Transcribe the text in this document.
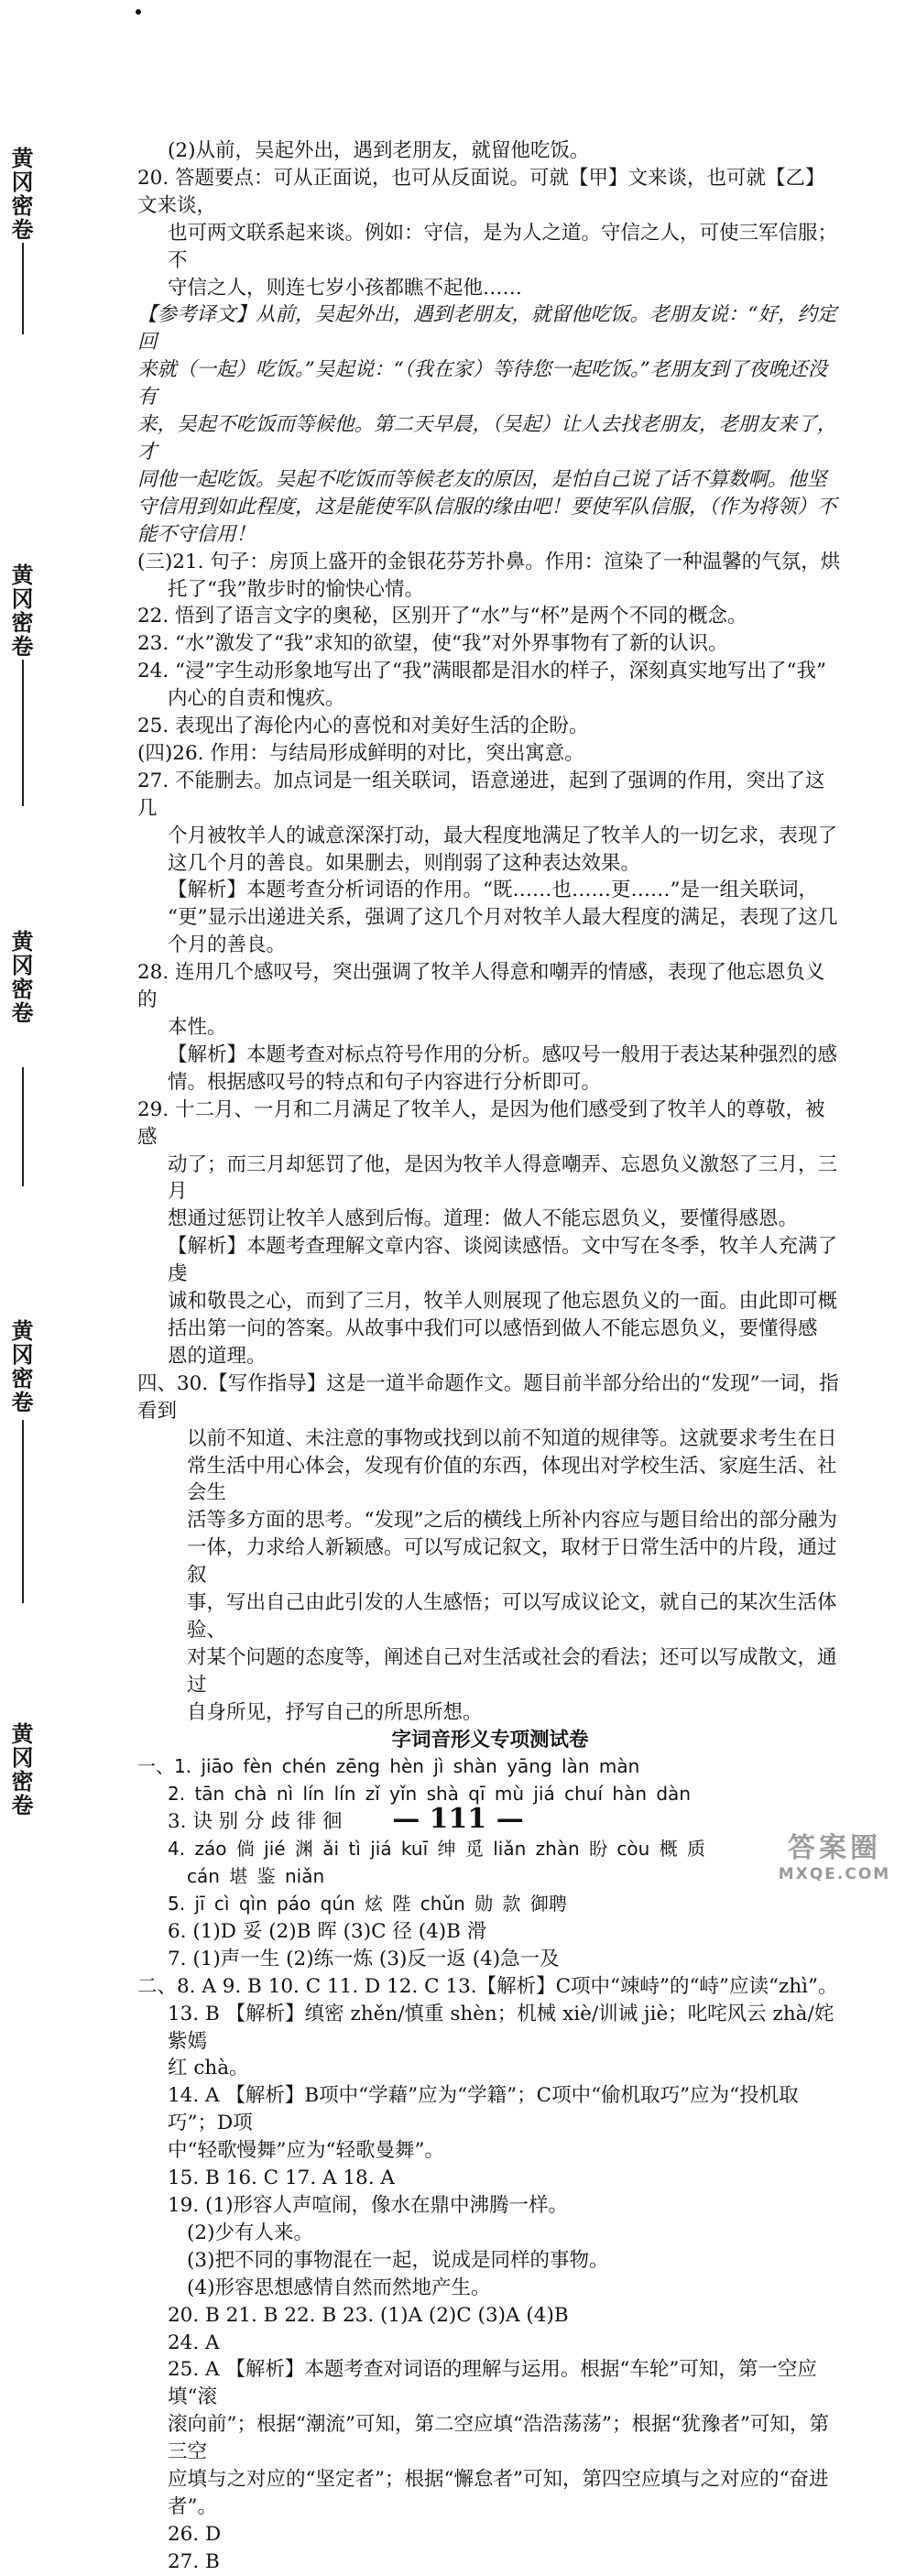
黄冈密卷
黄冈密卷
黄冈密卷
黄冈密卷
黄冈密卷

(2)从前，吴起外出，遇到老朋友，就留他吃饭。

20. 答题要点：可从正面说，也可从反面说。可就【甲】文来谈，也可就【乙】文来谈，

也可两文联系起来谈。例如：守信，是为人之道。守信之人，可使三军信服；不

守信之人，则连七岁小孩都瞧不起他……

【参考译文】从前，吴起外出，遇到老朋友，就留他吃饭。老朋友说：“好，约定回

来就（一起）吃饭。”吴起说：“（我在家）等待您一起吃饭。”老朋友到了夜晚还没有

来，吴起不吃饭而等候他。第二天早晨，（吴起）让人去找老朋友，老朋友来了，才

同他一起吃饭。吴起不吃饭而等候老友的原因，是怕自己说了话不算数啊。他坚

守信用到如此程度，这是能使军队信服的缘由吧！要使军队信服，（作为将领）不

能不守信用！

(三)21. 句子：房顶上盛开的金银花芬芳扑鼻。作用：渲染了一种温馨的气氛，烘

托了“我”散步时的愉快心情。

22. 悟到了语言文字的奥秘，区别开了“水”与“杯”是两个不同的概念。

23. “水”激发了“我”求知的欲望，使“我”对外界事物有了新的认识。

24. “浸”字生动形象地写出了“我”满眼都是泪水的样子，深刻真实地写出了“我”

内心的自责和愧疚。

25. 表现出了海伦内心的喜悦和对美好生活的企盼。

(四)26. 作用：与结局形成鲜明的对比，突出寓意。

27. 不能删去。加点词是一组关联词，语意递进，起到了强调的作用，突出了这几

个月被牧羊人的诚意深深打动，最大程度地满足了牧羊人的一切乞求，表现了

这几个月的善良。如果删去，则削弱了这种表达效果。

【解析】本题考查分析词语的作用。“既……也……更……”是一组关联词，

“更”显示出递进关系，强调了这几个月对牧羊人最大程度的满足，表现了这几

个月的善良。

28. 连用几个感叹号，突出强调了牧羊人得意和嘲弄的情感，表现了他忘恩负义的

本性。

【解析】本题考查对标点符号作用的分析。感叹号一般用于表达某种强烈的感

情。根据感叹号的特点和句子内容进行分析即可。

29. 十二月、一月和二月满足了牧羊人，是因为他们感受到了牧羊人的尊敬，被感

动了；而三月却惩罚了他，是因为牧羊人得意嘲弄、忘恩负义激怒了三月，三月

想通过惩罚让牧羊人感到后悔。道理：做人不能忘恩负义，要懂得感恩。

【解析】本题考查理解文章内容、谈阅读感悟。文中写在冬季，牧羊人充满了虔

诚和敬畏之心，而到了三月，牧羊人则展现了他忘恩负义的一面。由此即可概

括出第一问的答案。从故事中我们可以感悟到做人不能忘恩负义，要懂得感

恩的道理。

四、30.【写作指导】这是一道半命题作文。题目前半部分给出的“发现”一词，指看到

以前不知道、未注意的事物或找到以前不知道的规律等。这就要求考生在日

常生活中用心体会，发现有价值的东西，体现出对学校生活、家庭生活、社会生

活等多方面的思考。“发现”之后的横线上所补内容应与题目给出的部分融为

一体，力求给人新颖感。可以写成记叙文，取材于日常生活中的片段，通过叙

事，写出自己由此引发的人生感悟；可以写成议论文，就自己的某次生活体验、

对某个问题的态度等，阐述自己对生活或社会的看法；还可以写成散文，通过

自身所见，抒写自己的所思所想。

字词音形义专项测试卷

一、1. jiāo fèn chén zēng hèn jì shàn yāng làn màn

2. tān chà nì lín lín zǐ yǐn shà qī mù jiá chuí hàn dàn

3. 诀 别 分 歧 徘 徊

4. záo 倘 jié 渊 ǎi tì jiá kuī 绅 觅 liǎn zhàn 盼 còu 概 质

cán 堪 鉴 niǎn

5. jī cì qìn páo qún 炫 陛 chǔn 勋 款 御聘

6. (1)D 妥 (2)B 晖 (3)C 径 (4)B 滑

7. (1)声一生 (2)练一炼 (3)反一返 (4)急一及

二、8. A 9. B 10. C 11. D 12. C 13.【解析】C项中“竦峙”的“峙”应读“zhì”。

13. B 【解析】缜密 zhěn/慎重 shèn；机械 xiè/训诫 jiè；叱咤风云 zhà/姹紫嫣

红 chà。

14. A 【解析】B项中“学藉”应为“学籍”；C项中“偷机取巧”应为“投机取巧”；D项

中“轻歌慢舞”应为“轻歌曼舞”。

15. B 16. C 17. A 18. A

19. (1)形容人声喧闹，像水在鼎中沸腾一样。

(2)少有人来。

(3)把不同的事物混在一起，说成是同样的事物。

(4)形容思想感情自然而然地产生。

20. B 21. B 22. B 23. (1)A (2)C (3)A (4)B

24. A

25. A 【解析】本题考查对词语的理解与运用。根据“车轮”可知，第一空应填“滚

滚向前”；根据“潮流”可知，第二空应填“浩浩荡荡”；根据“犹豫者”可知，第三空

应填与之对应的“坚定者”；根据“懈怠者”可知，第四空应填与之对应的“奋进

者”。

26. D

27. B

— 111 —
答案圈
MXQE.COM
